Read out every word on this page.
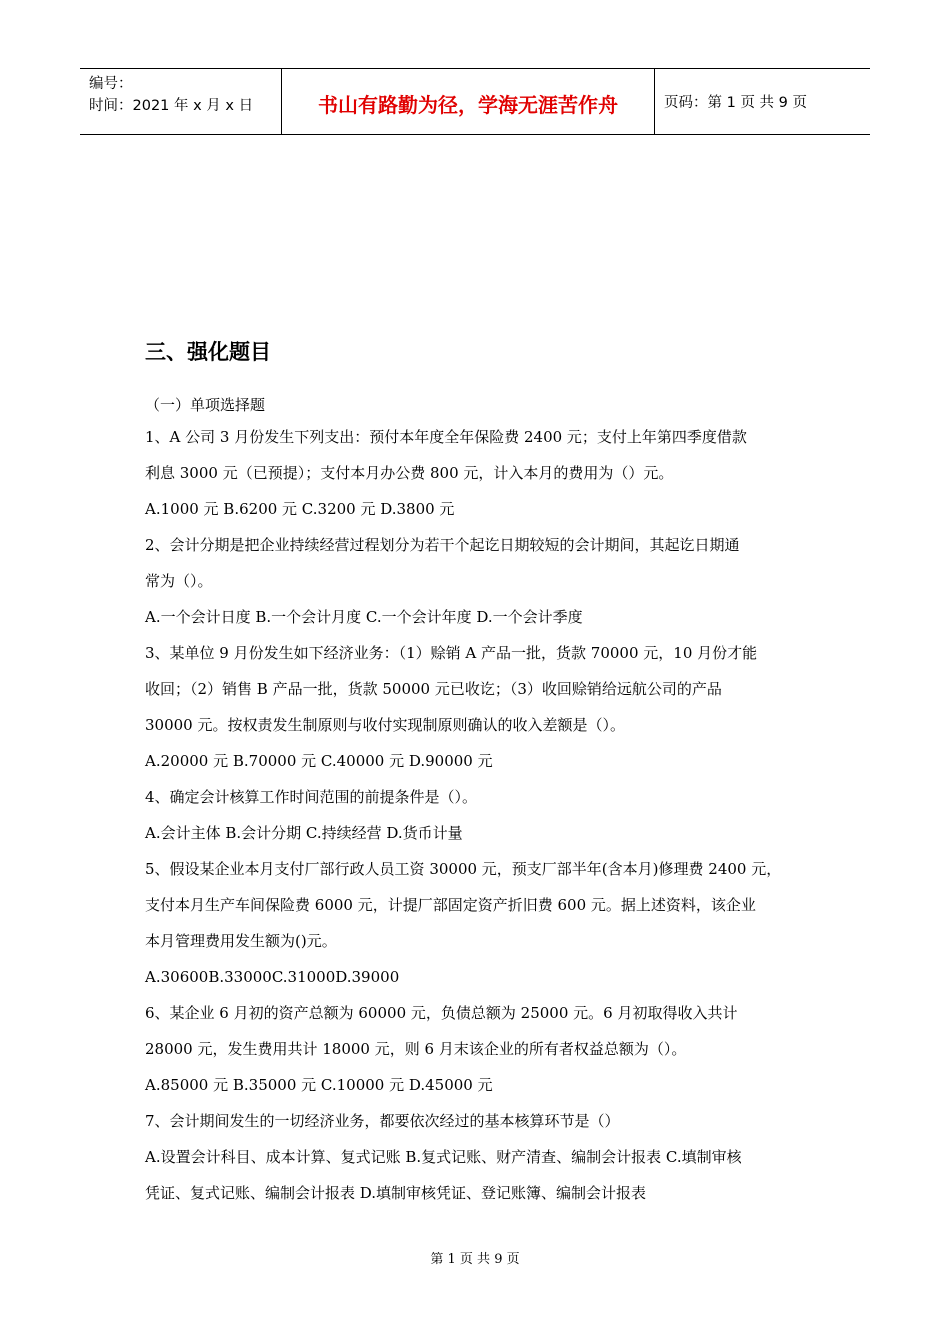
编号：
时间：2021 年 x 月 x 日	书山有路勤为径，学海无涯苦作舟	页码：第 1 页 共 9 页
三、强化题目

（一）单项选择题

1、A 公司 3 月份发生下列支出：预付本年度全年保险费 2400 元；支付上年第四季度借款

利息 3000 元（已预提）；支付本月办公费 800 元，计入本月的费用为（）元。

A.1000 元 B.6200 元 C.3200 元 D.3800 元

2、会计分期是把企业持续经营过程划分为若干个起讫日期较短的会计期间，其起讫日期通

常为（）。

A.一个会计日度 B.一个会计月度 C.一个会计年度 D.一个会计季度

3、某单位 9 月份发生如下经济业务：（1）赊销 A 产品一批，货款 70000 元，10 月份才能

收回；（2）销售 B 产品一批，货款 50000 元已收讫；（3）收回赊销给远航公司的产品

30000 元。按权责发生制原则与收付实现制原则确认的收入差额是（）。

A.20000 元 B.70000 元 C.40000 元 D.90000 元

4、确定会计核算工作时间范围的前提条件是（）。

A.会计主体 B.会计分期 C.持续经营 D.货币计量

5、假设某企业本月支付厂部行政人员工资 30000 元，预支厂部半年(含本月)修理费 2400 元，

支付本月生产车间保险费 6000 元，计提厂部固定资产折旧费 600 元。据上述资料，该企业

本月管理费用发生额为()元。

A.30600B.33000C.31000D.39000

6、某企业 6 月初的资产总额为 60000 元，负债总额为 25000 元。6 月初取得收入共计

28000 元，发生费用共计 18000 元，则 6 月末该企业的所有者权益总额为（）。

A.85000 元 B.35000 元 C.10000 元 D.45000 元

7、会计期间发生的一切经济业务，都要依次经过的基本核算环节是（）

A.设置会计科目、成本计算、复式记账 B.复式记账、财产清查、编制会计报表 C.填制审核

凭证、复式记账、编制会计报表 D.填制审核凭证、登记账簿、编制会计报表

第 1 页 共 9 页
